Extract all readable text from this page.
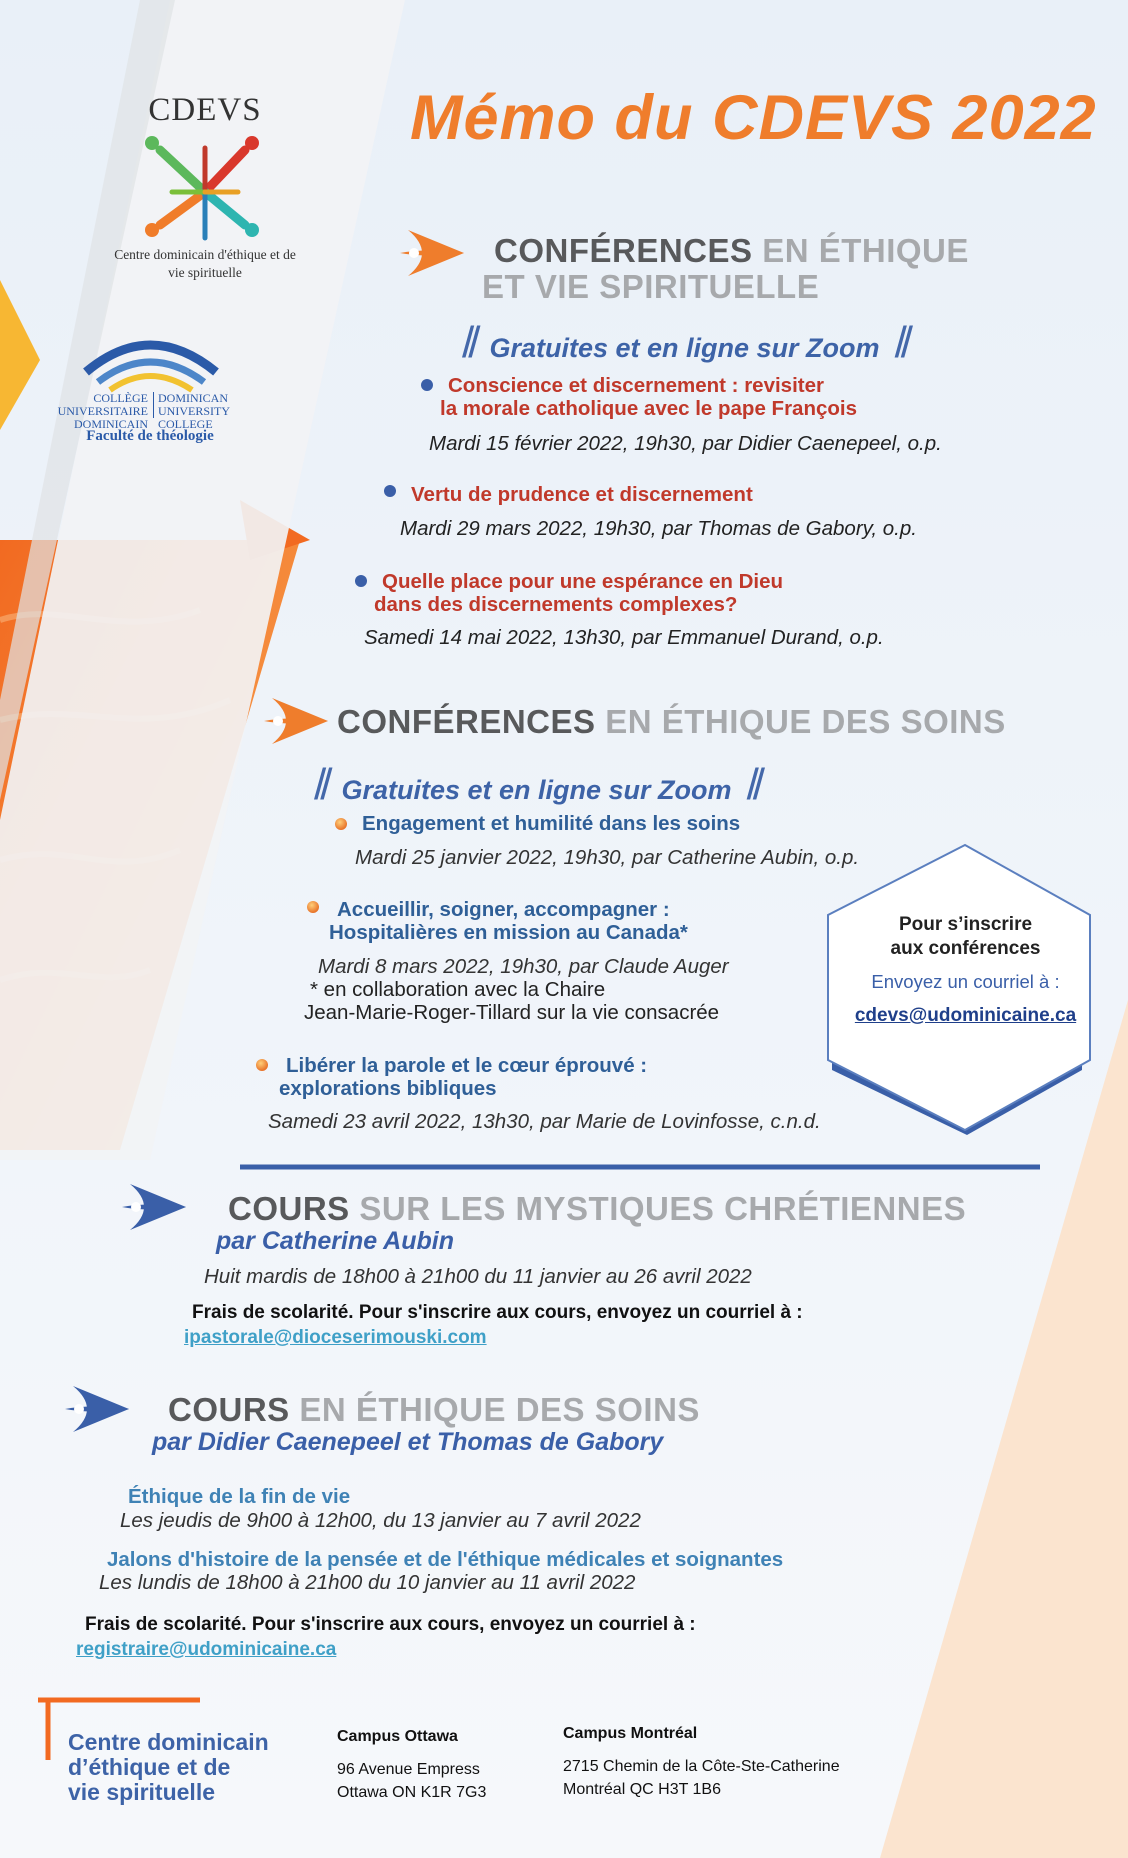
CDEVS
Centre dominicain d'éthique et de vie spirituelle
COLLÈGE UNIVERSITAIRE DOMINICAIN
DOMINICAN UNIVERSITY COLLEGE
Faculté de théologie
Mémo du CDEVS 2022
CONFÉRENCES EN ÉTHIQUE
ET VIE SPIRITUELLE
// Gratuites et en ligne sur Zoom //
Conscience et discernement : revisiter
la morale catholique avec le pape François
Mardi 15 février 2022, 19h30, par Didier Caenepeel, o.p.
Vertu de prudence et discernement
Mardi 29 mars 2022, 19h30, par Thomas de Gabory, o.p.
Quelle place pour une espérance en Dieu
dans des discernements complexes?
Samedi 14 mai 2022, 13h30, par Emmanuel Durand, o.p.
CONFÉRENCES EN ÉTHIQUE DES SOINS
// Gratuites et en ligne sur Zoom //
Engagement et humilité dans les soins
Mardi 25 janvier 2022, 19h30, par Catherine Aubin, o.p.
Accueillir, soigner, accompagner :
Hospitalières en mission au Canada*
Mardi 8 mars 2022, 19h30, par Claude Auger
* en collaboration avec la Chaire
Jean-Marie-Roger-Tillard sur la vie consacrée
Libérer la parole et le cœur éprouvé :
explorations bibliques
Samedi 23 avril 2022, 13h30, par Marie de Lovinfosse, c.n.d.
Pour s’inscrire
aux conférences
Envoyez un courriel à :
cdevs@udominicaine.ca
COURS SUR LES MYSTIQUES CHRÉTIENNES
par Catherine Aubin
Huit mardis de 18h00 à 21h00 du 11 janvier au 26 avril 2022
Frais de scolarité. Pour s'inscrire aux cours, envoyez un courriel à :
ipastorale@dioceserimouski.com
COURS EN ÉTHIQUE DES SOINS
par Didier Caenepeel et Thomas de Gabory
Éthique de la fin de vie
Les jeudis de 9h00 à 12h00, du 13 janvier au 7 avril 2022
Jalons d'histoire de la pensée et de l'éthique médicales et soignantes
Les lundis de 18h00 à 21h00 du 10 janvier au 11 avril 2022
Frais de scolarité. Pour s'inscrire aux cours, envoyez un courriel à :
registraire@udominicaine.ca
Centre dominicain
d’éthique et de
vie spirituelle
Campus Ottawa
96 Avenue Empress
Ottawa ON K1R 7G3
Campus Montréal
2715 Chemin de la Côte-Ste-Catherine
Montréal QC H3T 1B6
